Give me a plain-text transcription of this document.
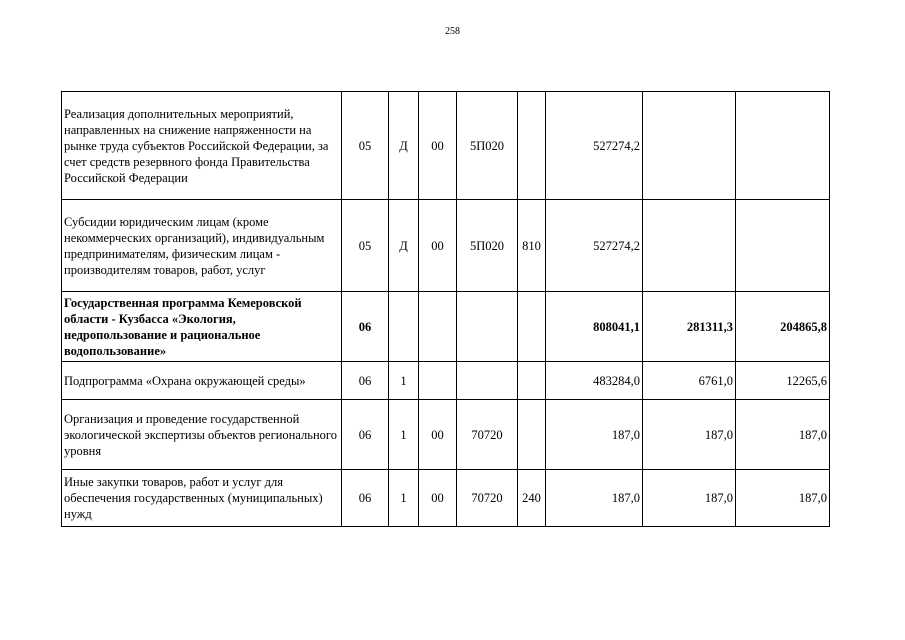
258
Реализация дополнительных мероприятий, направленных на снижение напряженности на рынке труда субъектов Российской Федерации, за счет средств резервного фонда Правительства Российской Федерации	05	Д	00	5П020		527274,2		
Субсидии юридическим лицам (кроме некоммерческих организаций), индивидуальным предпринимателям, физическим лицам - производителям товаров, работ, услуг	05	Д	00	5П020	810	527274,2		
Государственная программа Кемеровской области - Кузбасса «Экология, недропользование и рациональное водопользование»	06					808041,1	281311,3	204865,8
Подпрограмма «Охрана окружающей среды»	06	1				483284,0	6761,0	12265,6
Организация и проведение государственной экологической экспертизы объектов регионального уровня	06	1	00	70720		187,0	187,0	187,0
Иные закупки товаров, работ и услуг для обеспечения государственных (муниципальных) нужд	06	1	00	70720	240	187,0	187,0	187,0
